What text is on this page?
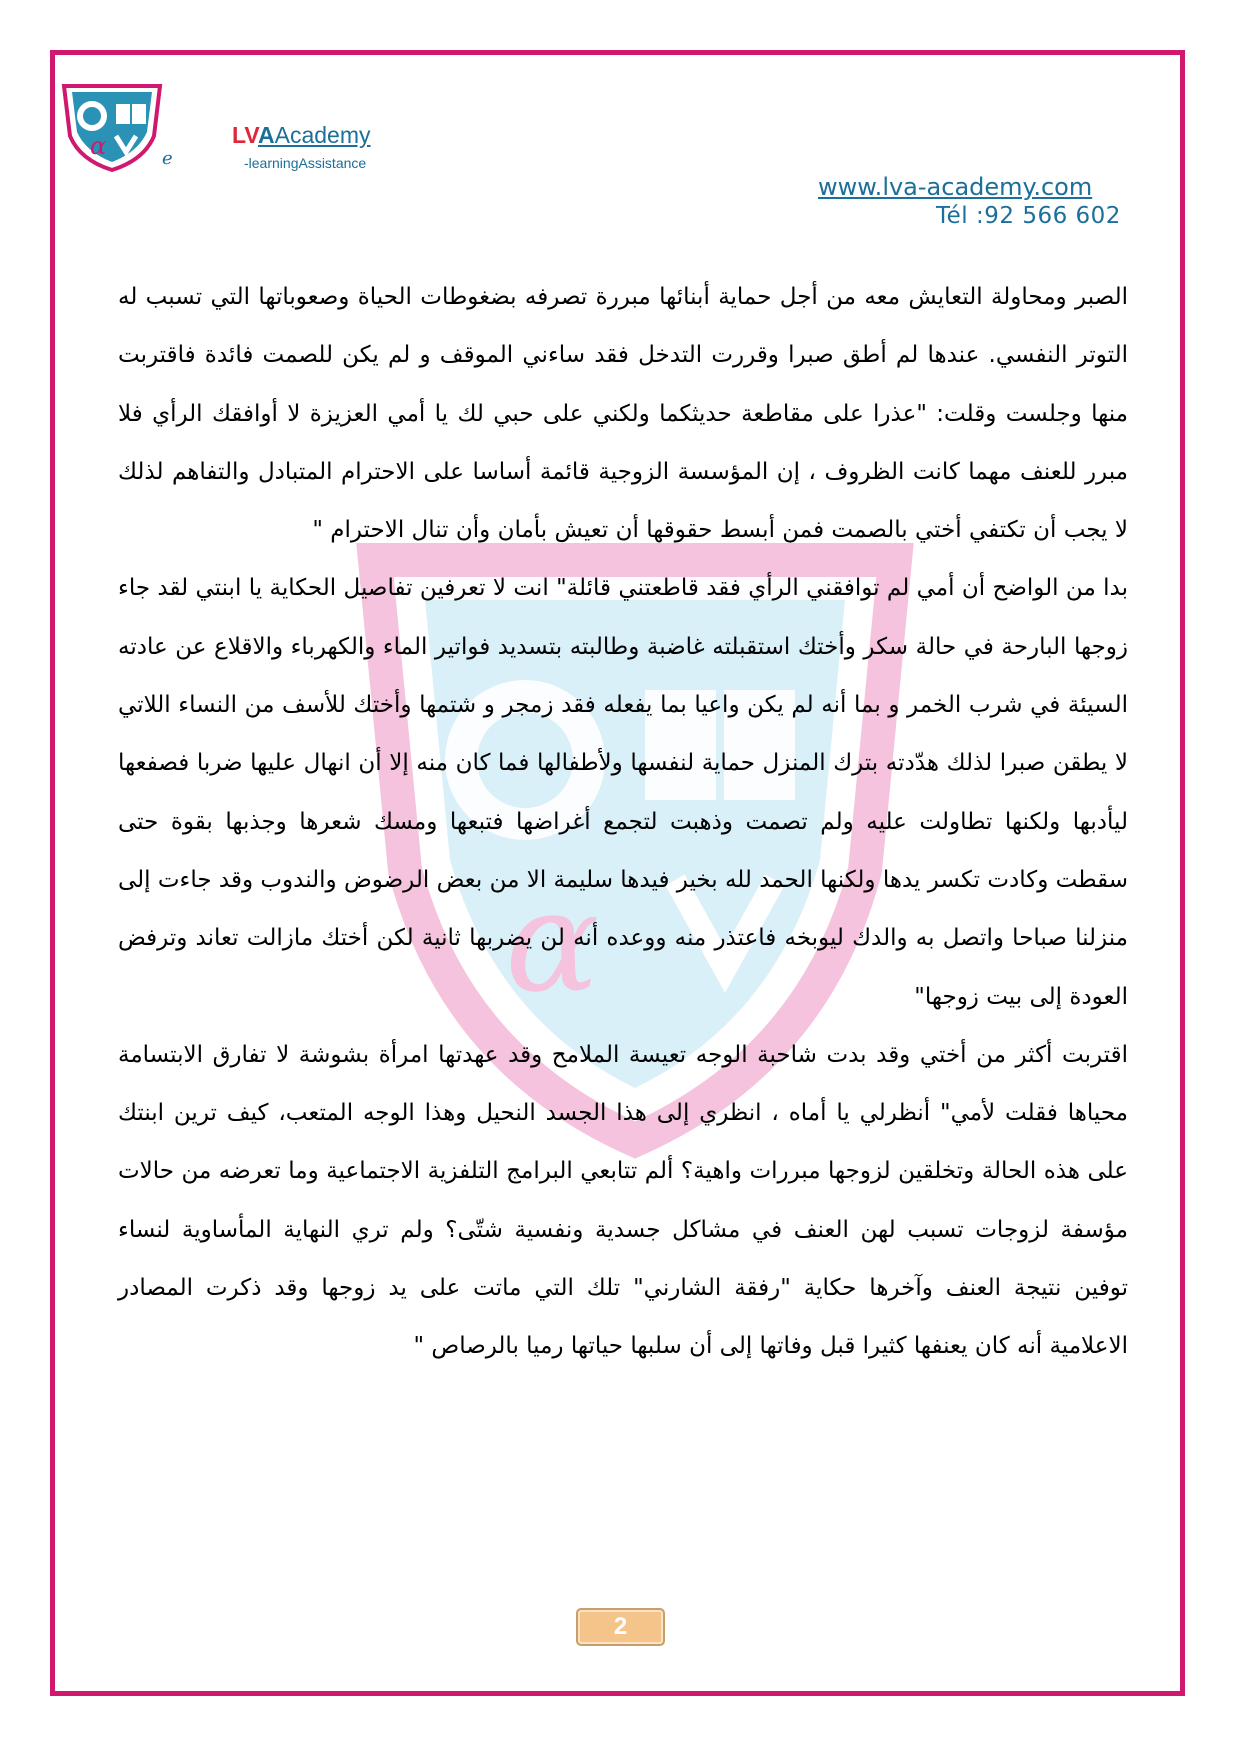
α	e
LVAAcademy
-learningAssistance
www.lva-academy.com
Tél :92 566 602
α

الصبر ومحاولة التعايش معه من أجل حماية أبنائها مبررة تصرفه بضغوطات الحياة وصعوباتها التي تسبب له التوتر النفسي. عندها لم أطق صبرا وقررت التدخل فقد ساءني الموقف و لم يكن للصمت فائدة فاقتربت منها وجلست وقلت: "عذرا على مقاطعة حديثكما ولكني على حبي لك يا أمي العزيزة لا أوافقك الرأي فلا مبرر للعنف مهما كانت الظروف ، إن المؤسسة الزوجية قائمة أساسا على الاحترام المتبادل والتفاهم لذلك لا يجب أن تكتفي أختي بالصمت فمن أبسط حقوقها أن تعيش بأمان وأن تنال الاحترام "

بدا من الواضح أن أمي لم توافقني الرأي فقد قاطعتني قائلة" انت لا تعرفين تفاصيل الحكاية يا ابنتي لقد جاء زوجها البارحة في حالة سكر وأختك استقبلته غاضبة وطالبته بتسديد فواتير الماء والكهرباء والاقلاع عن عادته السيئة في شرب الخمر و بما أنه لم يكن واعيا بما يفعله فقد زمجر و شتمها وأختك للأسف من النساء اللاتي لا يطقن صبرا لذلك هدّدته بترك المنزل حماية لنفسها ولأطفالها فما كان منه إلا أن انهال عليها ضربا فصفعها ليأدبها ولكنها تطاولت عليه ولم تصمت وذهبت لتجمع أغراضها فتبعها ومسك شعرها وجذبها بقوة حتى سقطت وكادت تكسر يدها ولكنها الحمد لله بخير فيدها سليمة الا من بعض الرضوض والندوب وقد جاءت إلى منزلنا صباحا واتصل به والدك ليوبخه فاعتذر منه ووعده أنه لن يضربها ثانية لكن أختك مازالت تعاند وترفض العودة إلى بيت زوجها"

اقتربت أكثر من أختي وقد بدت شاحبة الوجه تعيسة الملامح وقد عهدتها امرأة بشوشة لا تفارق الابتسامة محياها فقلت لأمي" أنظرلي يا أماه ، انظري إلى هذا الجسد النحيل وهذا الوجه المتعب، كيف ترين ابنتك على هذه الحالة وتخلقين لزوجها مبررات واهية؟ ألم تتابعي البرامج التلفزية الاجتماعية وما تعرضه من حالات مؤسفة لزوجات تسبب لهن العنف في مشاكل جسدية ونفسية شتّى؟ ولم تري النهاية المأساوية لنساء توفين نتيجة العنف وآخرها حكاية "رفقة الشارني" تلك التي ماتت على يد زوجها وقد ذكرت المصادر الاعلامية أنه كان يعنفها كثيرا قبل وفاتها إلى أن سلبها حياتها رميا بالرصاص "

2
